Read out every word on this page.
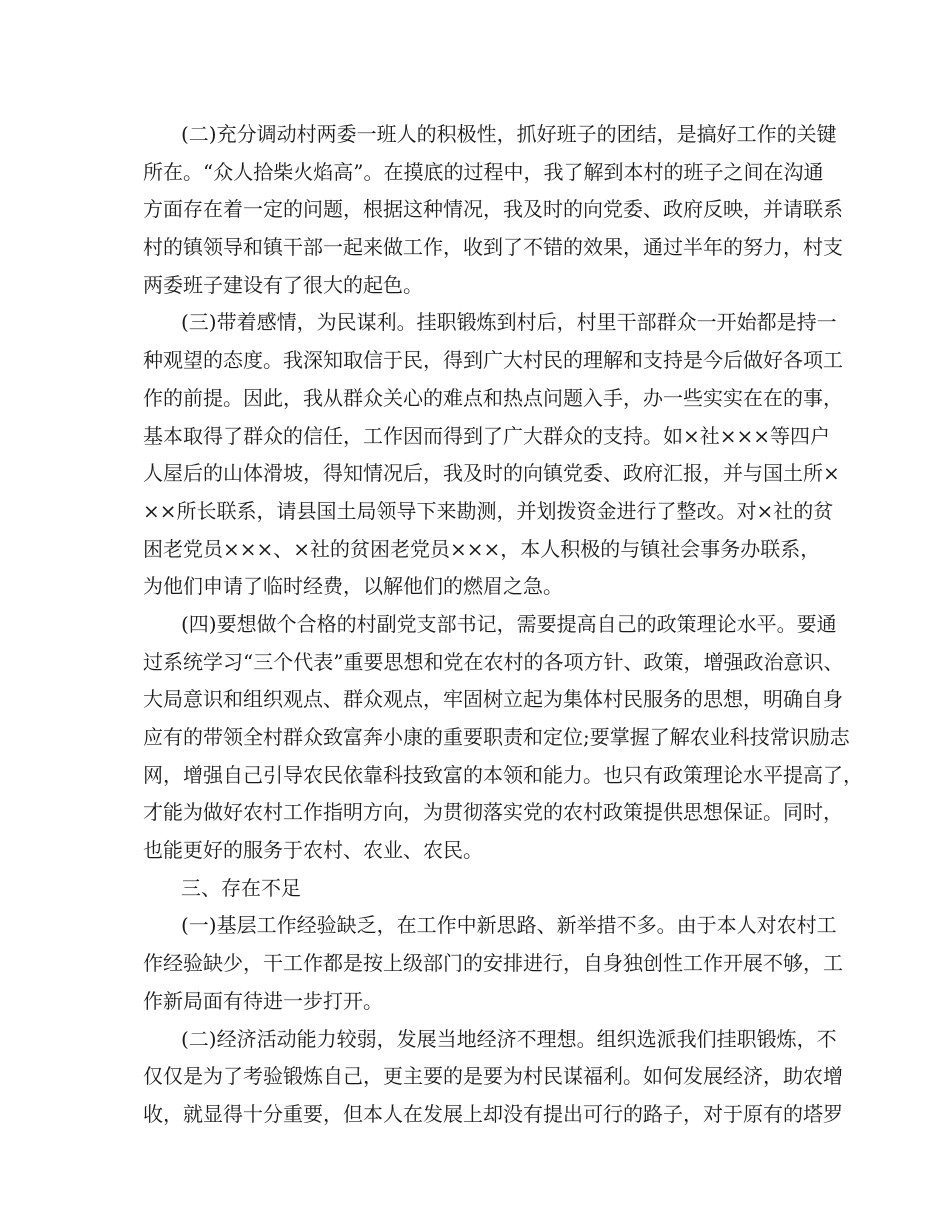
(二)充分调动村两委一班人的积极性，抓好班子的团结，是搞好工作的关键
所在。“众人拾柴火焰高”。在摸底的过程中，我了解到本村的班子之间在沟通
方面存在着一定的问题，根据这种情况，我及时的向党委、政府反映，并请联系
村的镇领导和镇干部一起来做工作，收到了不错的效果，通过半年的努力，村支
两委班子建设有了很大的起色。
(三)带着感情，为民谋利。挂职锻炼到村后，村里干部群众一开始都是持一
种观望的态度。我深知取信于民，得到广大村民的理解和支持是今后做好各项工
作的前提。因此，我从群众关心的难点和热点问题入手，办一些实实在在的事，
基本取得了群众的信任，工作因而得到了广大群众的支持。如×社×××等四户
人屋后的山体滑坡，得知情况后，我及时的向镇党委、政府汇报，并与国土所×
××所长联系，请县国土局领导下来勘测，并划拨资金进行了整改。对×社的贫
困老党员×××、×社的贫困老党员×××，本人积极的与镇社会事务办联系，
为他们申请了临时经费，以解他们的燃眉之急。
(四)要想做个合格的村副党支部书记，需要提高自己的政策理论水平。要通
过系统学习“三个代表”重要思想和党在农村的各项方针、政策，增强政治意识、
大局意识和组织观点、群众观点，牢固树立起为集体村民服务的思想，明确自身
应有的带领全村群众致富奔小康的重要职责和定位;要掌握了解农业科技常识励志
网，增强自己引导农民依靠科技致富的本领和能力。也只有政策理论水平提高了，
才能为做好农村工作指明方向，为贯彻落实党的农村政策提供思想保证。同时，
也能更好的服务于农村、农业、农民。
三、存在不足
(一)基层工作经验缺乏，在工作中新思路、新举措不多。由于本人对农村工
作经验缺少，干工作都是按上级部门的安排进行，自身独创性工作开展不够，工
作新局面有待进一步打开。
(二)经济活动能力较弱，发展当地经济不理想。组织选派我们挂职锻炼，不
仅仅是为了考验锻炼自己，更主要的是要为村民谋福利。如何发展经济，助农增
收，就显得十分重要，但本人在发展上却没有提出可行的路子，对于原有的塔罗
